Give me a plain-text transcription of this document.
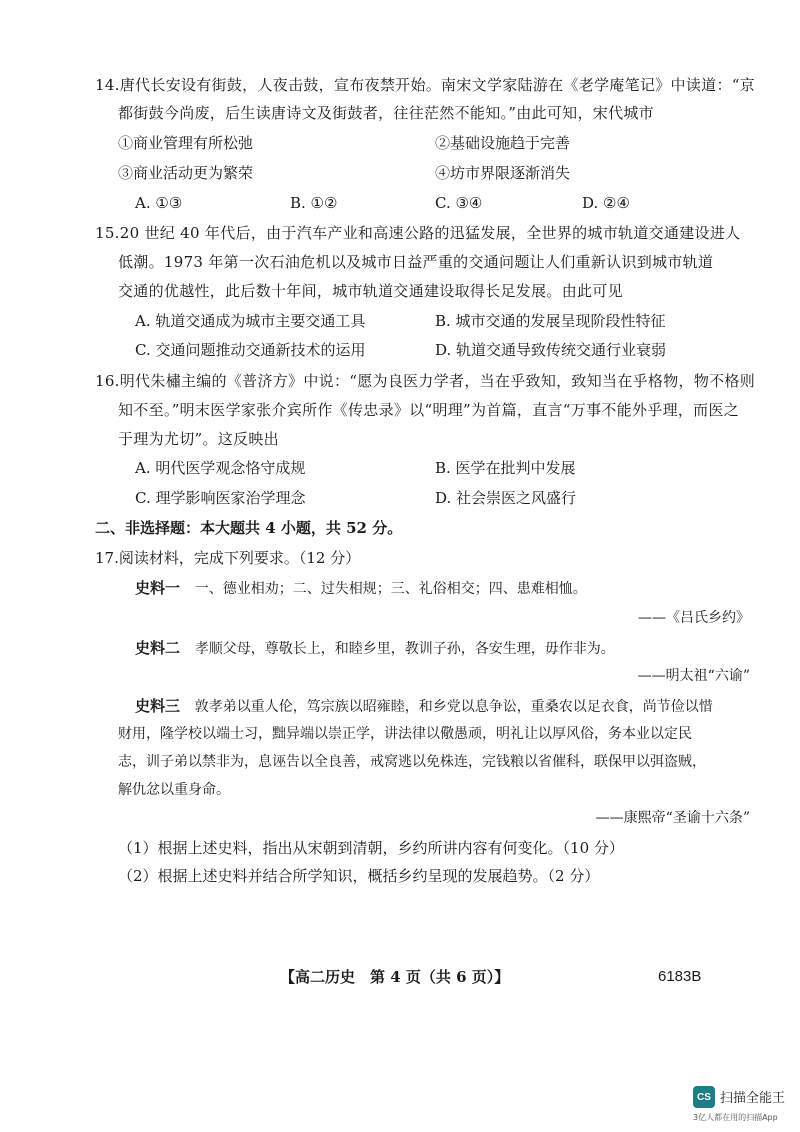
14.唐代长安设有街鼓，人夜击鼓，宣布夜禁开始。南宋文学家陆游在《老学庵笔记》中读道：“京
都街鼓今尚废，后生读唐诗文及街鼓者，往往茫然不能知。”由此可知，宋代城市
①商业管理有所松弛	②基础设施趋于完善
③商业活动更为繁荣	④坊市界限逐渐消失
A. ①③	B. ①②	C. ③④	D. ②④
15.20 世纪 40 年代后，由于汽车产业和高速公路的迅猛发展，全世界的城市轨道交通建设进人
低潮。1973 年第一次石油危机以及城市日益严重的交通问题让人们重新认识到城市轨道
交通的优越性，此后数十年间，城市轨道交通建设取得长足发展。由此可见
A. 轨道交通成为城市主要交通工具	B. 城市交通的发展呈现阶段性特征
C. 交通问题推动交通新技术的运用	D. 轨道交通导致传统交通行业衰弱
16.明代朱橚主编的《普济方》中说：“愿为良医力学者，当在乎致知，致知当在乎格物，物不格则
知不至。”明末医学家张介宾所作《传忠录》以“明理”为首篇，直言“万事不能外乎理，而医之
于理为尤切”。这反映出
A. 明代医学观念恪守成规	B. 医学在批判中发展
C. 理学影响医家治学理念	D. 社会崇医之风盛行
二、非选择题：本大题共 4 小题，共 52 分。
17.阅读材料，完成下列要求。（12 分）
史料一 一、德业相劝；二、过失相规；三、礼俗相交；四、患难相恤。
——《吕氏乡约》
史料二 孝顺父母，尊敬长上，和睦乡里，教训子孙，各安生理，毋作非为。
——明太祖“六谕”
史料三 敦孝弟以重人伦，笃宗族以昭雍睦，和乡党以息争讼，重桑农以足衣食，尚节俭以惜
财用，隆学校以端士习，黜异端以崇正学，讲法律以儆愚顽，明礼让以厚风俗，务本业以定民
志，训子弟以禁非为，息诬告以全良善，戒窝逃以免株连，完钱粮以省催科，联保甲以弭盗贼，
解仇忿以重身命。
——康熙帝“圣谕十六条”
（1）根据上述史料，指出从宋朝到清朝，乡约所讲内容有何变化。（10 分）
（2）根据上述史料并结合所学知识，概括乡约呈现的发展趋势。（2 分）
【高二历史　第 4 页（共 6 页）】	6183B
CS 扫描全能王
3亿人都在用的扫描App
